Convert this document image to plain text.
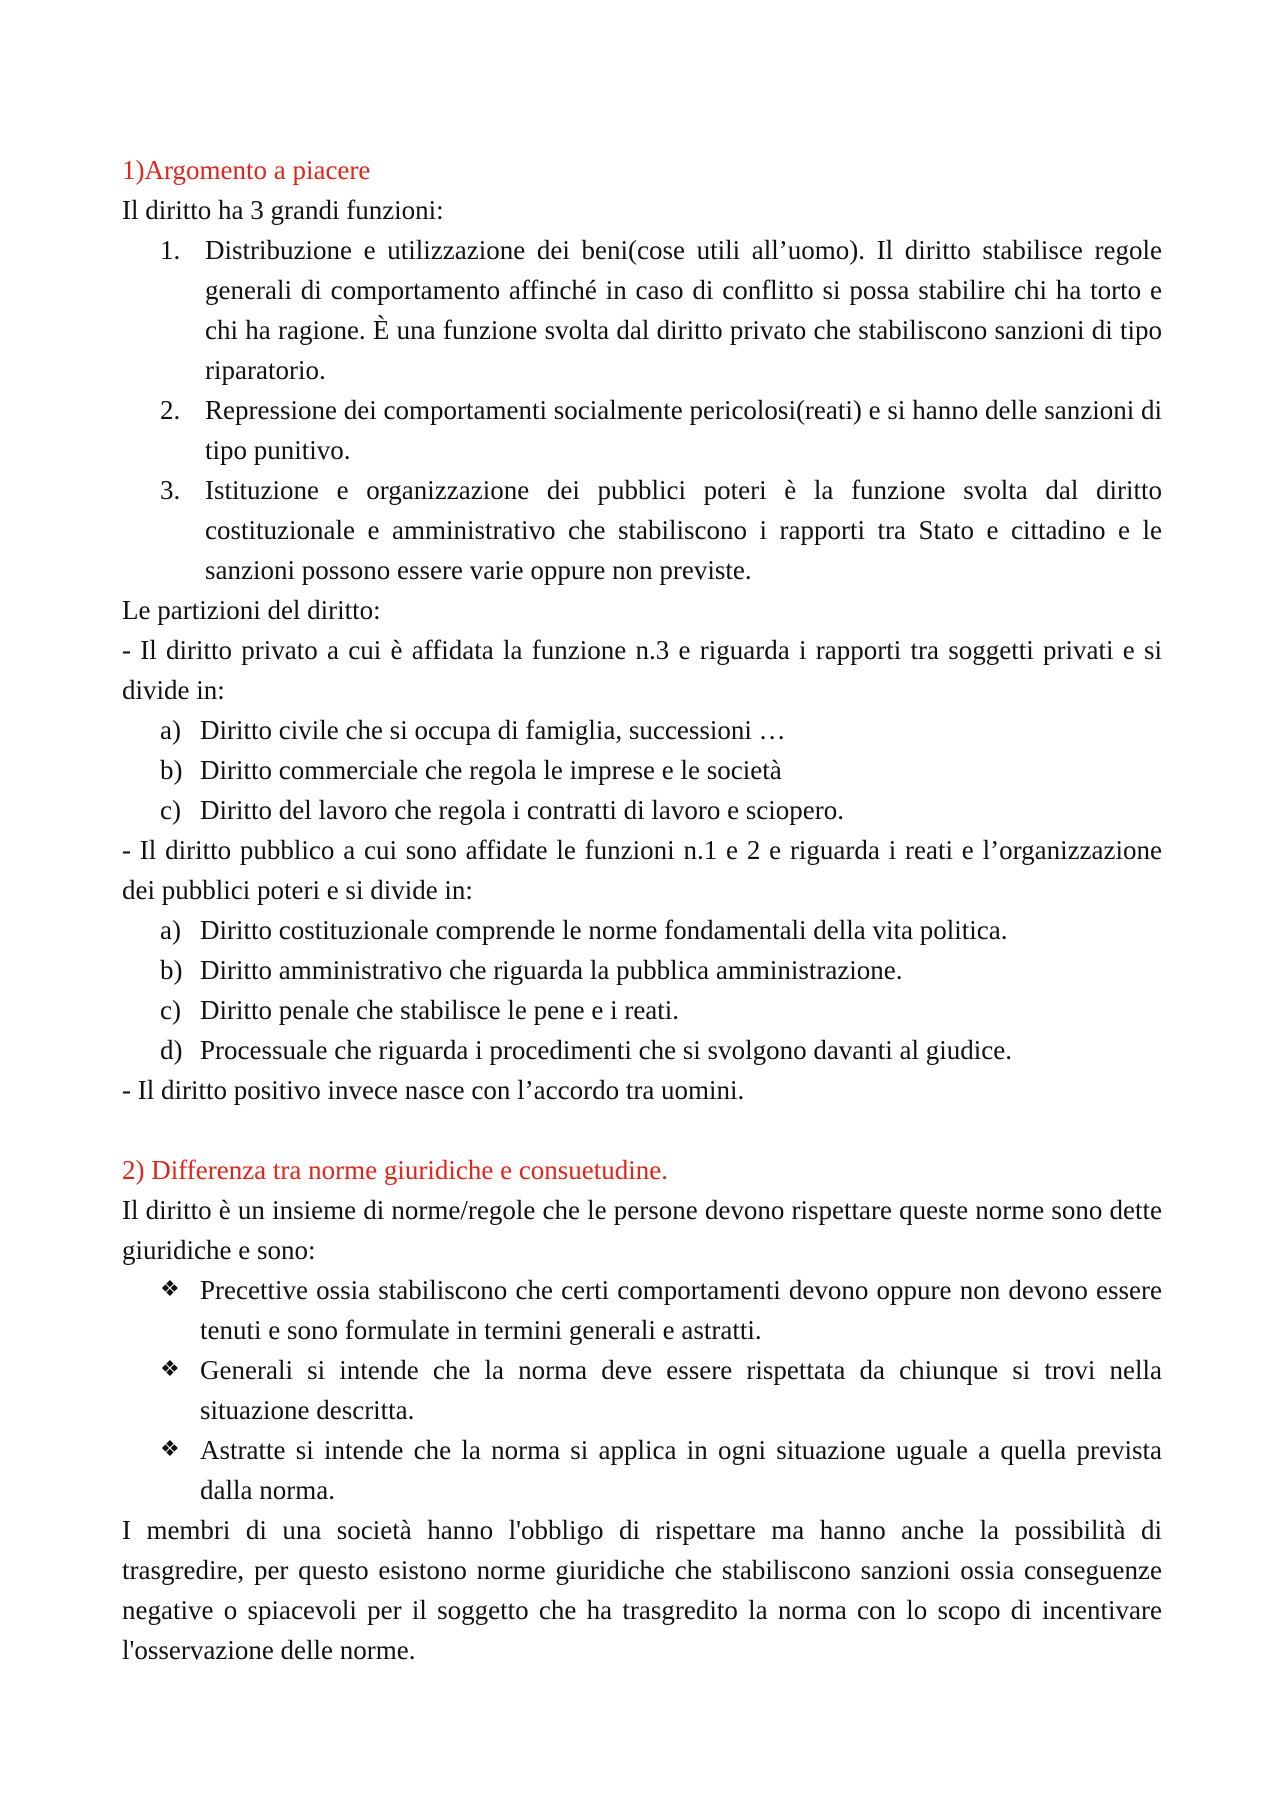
1)Argomento a piacere

Il diritto ha 3 grandi funzioni:

1. Distribuzione e utilizzazione dei beni(cose utili all’uomo). Il diritto stabilisce regole generali di comportamento affinché in caso di conflitto si possa stabilire chi ha torto e chi ha ragione. È una funzione svolta dal diritto privato che stabiliscono sanzioni di tipo riparatorio.
2. Repressione dei comportamenti socialmente pericolosi(reati) e si hanno delle sanzioni di tipo punitivo.
3. Istituzione e organizzazione dei pubblici poteri è la funzione svolta dal diritto costituzionale e amministrativo che stabiliscono i rapporti tra Stato e cittadino e le sanzioni possono essere varie oppure non previste.

Le partizioni del diritto:

- Il diritto privato a cui è affidata la funzione n.3 e riguarda i rapporti tra soggetti privati e si divide in:

a) Diritto civile che si occupa di famiglia, successioni …
b) Diritto commerciale che regola le imprese e le società
c) Diritto del lavoro che regola i contratti di lavoro e sciopero.

- Il diritto pubblico a cui sono affidate le funzioni n.1 e 2 e riguarda i reati e l’organizzazione dei pubblici poteri e si divide in:

a) Diritto costituzionale comprende le norme fondamentali della vita politica.
b) Diritto amministrativo che riguarda la pubblica amministrazione.
c) Diritto penale che stabilisce le pene e i reati.
d) Processuale che riguarda i procedimenti che si svolgono davanti al giudice.

- Il diritto positivo invece nasce con l’accordo tra uomini.

2) Differenza tra norme giuridiche e consuetudine.

Il diritto è un insieme di norme/regole che le persone devono rispettare queste norme sono dette giuridiche e sono:

❖ Precettive ossia stabiliscono che certi comportamenti devono oppure non devono essere tenuti e sono formulate in termini generali e astratti.
❖ Generali si intende che la norma deve essere rispettata da chiunque si trovi nella situazione descritta.
❖ Astratte si intende che la norma si applica in ogni situazione uguale a quella prevista dalla norma.

I membri di una società hanno l'obbligo di rispettare ma hanno anche la possibilità di trasgredire, per questo esistono norme giuridiche che stabiliscono sanzioni ossia conseguenze negative o spiacevoli per il soggetto che ha trasgredito la norma con lo scopo di incentivare l'osservazione delle norme.
